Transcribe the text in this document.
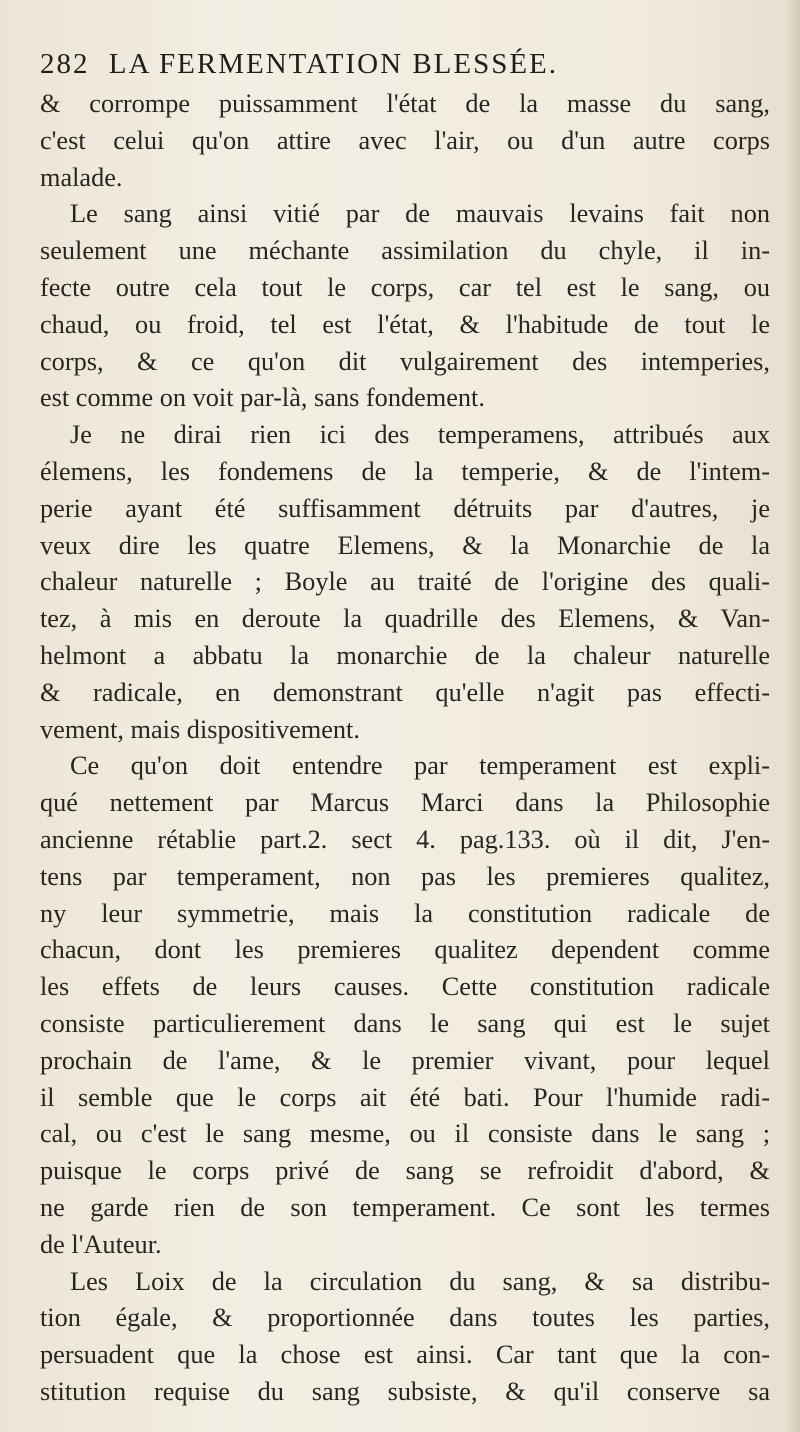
282 LA FERMENTATION BLESSÉE.
& corrompe puissamment l'état de la masse du sang,
c'est celui qu'on attire avec l'air, ou d'un autre corps
malade.
Le sang ainsi vitié par de mauvais levains fait non
seulement une méchante assimilation du chyle, il in-
fecte outre cela tout le corps, car tel est le sang, ou
chaud, ou froid, tel est l'état, & l'habitude de tout le
corps, & ce qu'on dit vulgairement des intemperies,
est comme on voit par-là, sans fondement.
Je ne dirai rien ici des temperamens, attribués aux
élemens, les fondemens de la temperie, & de l'intem-
perie ayant été suffisamment détruits par d'autres, je
veux dire les quatre Elemens, & la Monarchie de la
chaleur naturelle ; Boyle au traité de l'origine des quali-
tez, à mis en deroute la quadrille des Elemens, & Van-
helmont a abbatu la monarchie de la chaleur naturelle
& radicale, en demonstrant qu'elle n'agit pas effecti-
vement, mais dispositivement.
Ce qu'on doit entendre par temperament est expli-
qué nettement par Marcus Marci dans la Philosophie
ancienne rétablie part.2. sect 4. pag.133. où il dit, J'en-
tens par temperament, non pas les premieres qualitez,
ny leur symmetrie, mais la constitution radicale de
chacun, dont les premieres qualitez dependent comme
les effets de leurs causes. Cette constitution radicale
consiste particulierement dans le sang qui est le sujet
prochain de l'ame, & le premier vivant, pour lequel
il semble que le corps ait été bati. Pour l'humide radi-
cal, ou c'est le sang mesme, ou il consiste dans le sang ;
puisque le corps privé de sang se refroidit d'abord, &
ne garde rien de son temperament. Ce sont les termes
de l'Auteur.
Les Loix de la circulation du sang, & sa distribu-
tion égale, & proportionnée dans toutes les parties,
persuadent que la chose est ainsi. Car tant que la con-
stitution requise du sang subsiste, & qu'il conserve sa
